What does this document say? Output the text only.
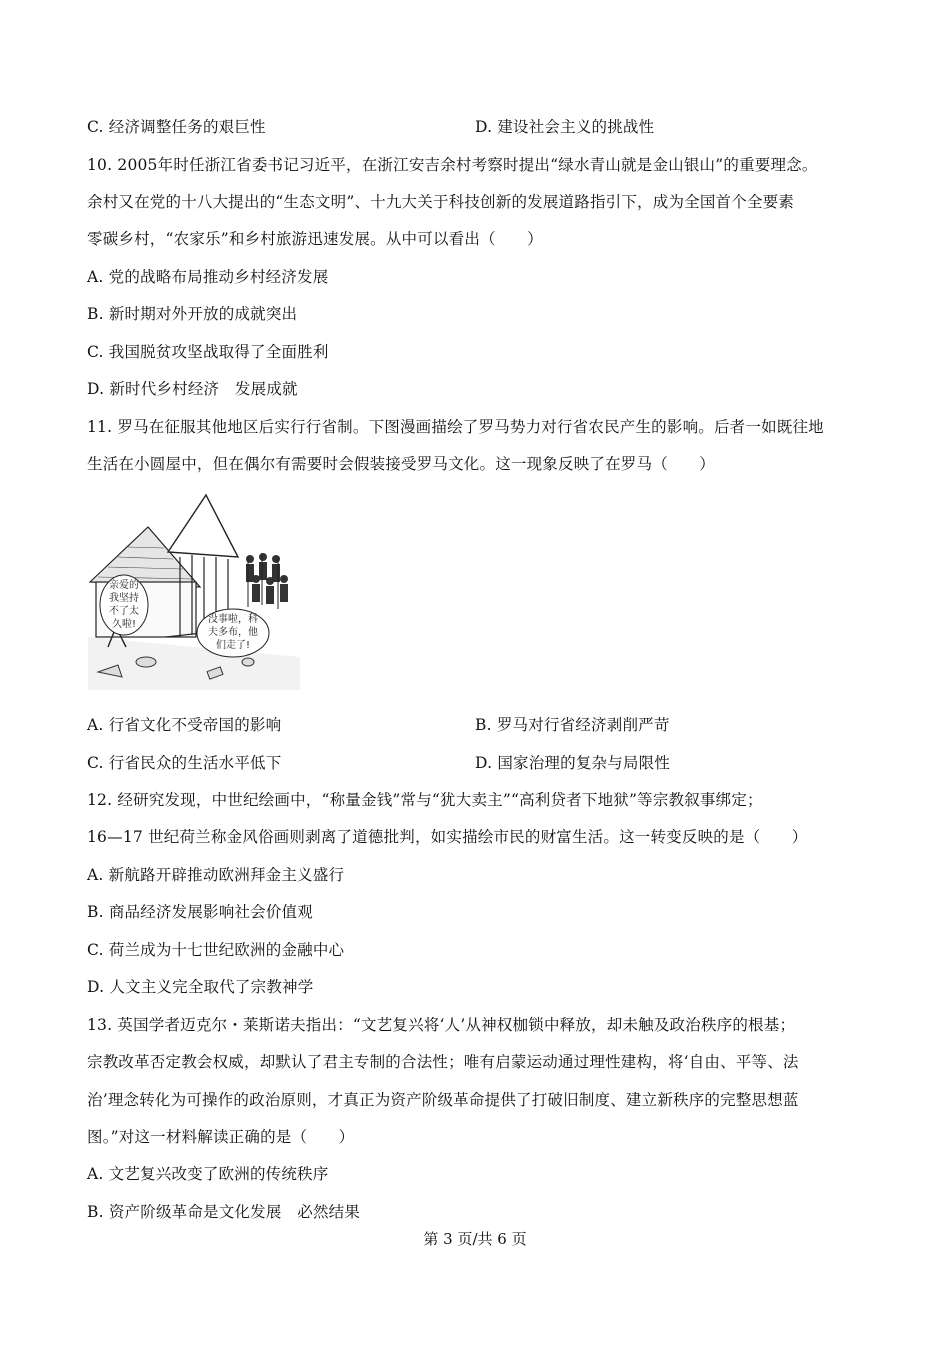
C. 经济调整任务的艰巨性	D. 建设社会主义的挑战性
10. 2005年时任浙江省委书记习近平，在浙江安吉余村考察时提出“绿水青山就是金山银山”的重要理念。
余村又在党的十八大提出的“生态文明”、十九大关于科技创新的发展道路指引下，成为全国首个全要素
零碳乡村，“农家乐”和乡村旅游迅速发展。从中可以看出（　　）
A. 党的战略布局推动乡村经济发展
B. 新时期对外开放的成就突出
C. 我国脱贫攻坚战取得了全面胜利
D. 新时代乡村经济　发展成就
11. 罗马在征服其他地区后实行行省制。下图漫画描绘了罗马势力对行省农民产生的影响。后者一如既往地
生活在小圆屋中，但在偶尔有需要时会假装接受罗马文化。这一现象反映了在罗马（　　）
亲爱的
我坚持
不了太
久啦!	没事啦，科
夫多布，他
们走了!
A. 行省文化不受帝国的影响	B. 罗马对行省经济剥削严苛
C. 行省民众的生活水平低下	D. 国家治理的复杂与局限性
12. 经研究发现，中世纪绘画中，“称量金钱”常与“犹大卖主”“高利贷者下地狱”等宗教叙事绑定；
16—17 世纪荷兰称金风俗画则剥离了道德批判，如实描绘市民的财富生活。这一转变反映的是（　　）
A. 新航路开辟推动欧洲拜金主义盛行
B. 商品经济发展影响社会价值观
C. 荷兰成为十七世纪欧洲的金融中心
D. 人文主义完全取代了宗教神学
13. 英国学者迈克尔・莱斯诺夫指出：“文艺复兴将‘人’从神权枷锁中释放，却未触及政治秩序的根基；
宗教改革否定教会权威，却默认了君主专制的合法性；唯有启蒙运动通过理性建构，将‘自由、平等、法
治’理念转化为可操作的政治原则，才真正为资产阶级革命提供了打破旧制度、建立新秩序的完整思想蓝
图。”对这一材料解读正确的是（　　）
A. 文艺复兴改变了欧洲的传统秩序
B. 资产阶级革命是文化发展　必然结果
第 3 页/共 6 页
